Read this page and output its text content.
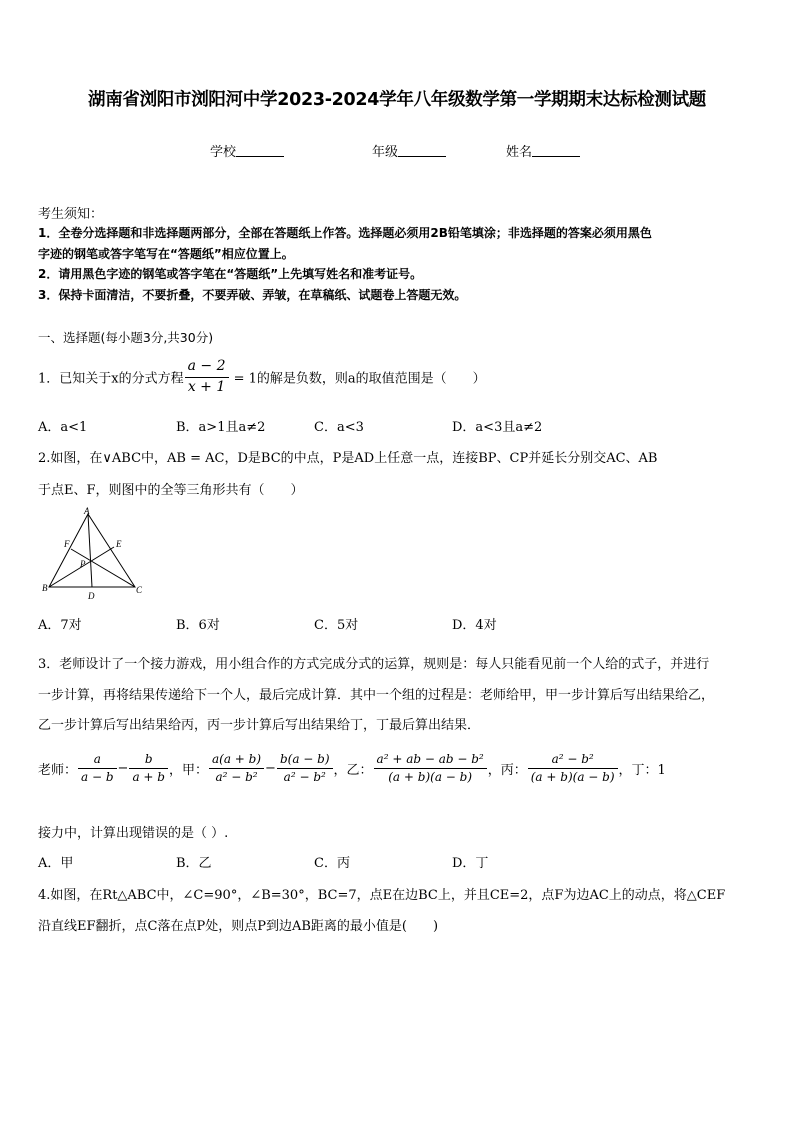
湖南省浏阳市浏阳河中学2023-2024学年八年级数学第一学期期末达标检测试题
学校	年级	姓名
考生须知：
1．全卷分选择题和非选择题两部分，全部在答题纸上作答。选择题必须用2B铅笔填涂；非选择题的答案必须用黑色
字迹的钢笔或答字笔写在“答题纸”相应位置上。
2．请用黑色字迹的钢笔或答字笔在“答题纸”上先填写姓名和准考证号。
3．保持卡面清洁，不要折叠，不要弄破、弄皱，在草稿纸、试题卷上答题无效。
一、选择题(每小题3分,共30分)
1．已知关于x的分式方程 $\frac{a - 2}{x + 1} = 1$的解是负数，则a的取值范围是（　　）
A．a<1	B．a>1且a≠2	C．a<3	D．a<3且a≠2
2.如图，在∨ABC中，AB = AC，D是BC的中点，P是AD上任意一点，连接BP、CP并延长分别交AC、AB
于点E、F，则图中的全等三角形共有（　　）
A
B	C
D
E
F
P
A．7对	B．6对	C．5对	D．4对
3．老师设计了一个接力游戏，用小组合作的方式完成分式的运算，规则是：每人只能看见前一个人给的式子，并进行
一步计算，再将结果传递给下一个人，最后完成计算．其中一个组的过程是：老师给甲，甲一步计算后写出结果给乙，
乙一步计算后写出结果给丙，丙一步计算后写出结果给丁，丁最后算出结果．
老师： $\frac{a}{a - b} - \frac{b}{a + b}$ ，甲： $\frac{a(a + b)}{\text{a² − b²}} - \frac{b(a - b)}{\text{a² − b²}}$ ，乙： $\frac{\text{a² + ab − ab − b²}}{(a + b)(a - b)}$ ，丙： $\frac{\text{a² − b²}}{(a + b)(a - b)}$ ，丁：1
接力中，计算出现错误的是（ ）.
A．甲	B．乙	C．丙	D．丁
4.如图，在Rt△ABC中，∠C=90°，∠B=30°，BC=7，点E在边BC上，并且CE=2，点F为边AC上的动点，将△CEF
沿直线EF翻折，点C落在点P处，则点P到边AB距离的最小值是(　　)
